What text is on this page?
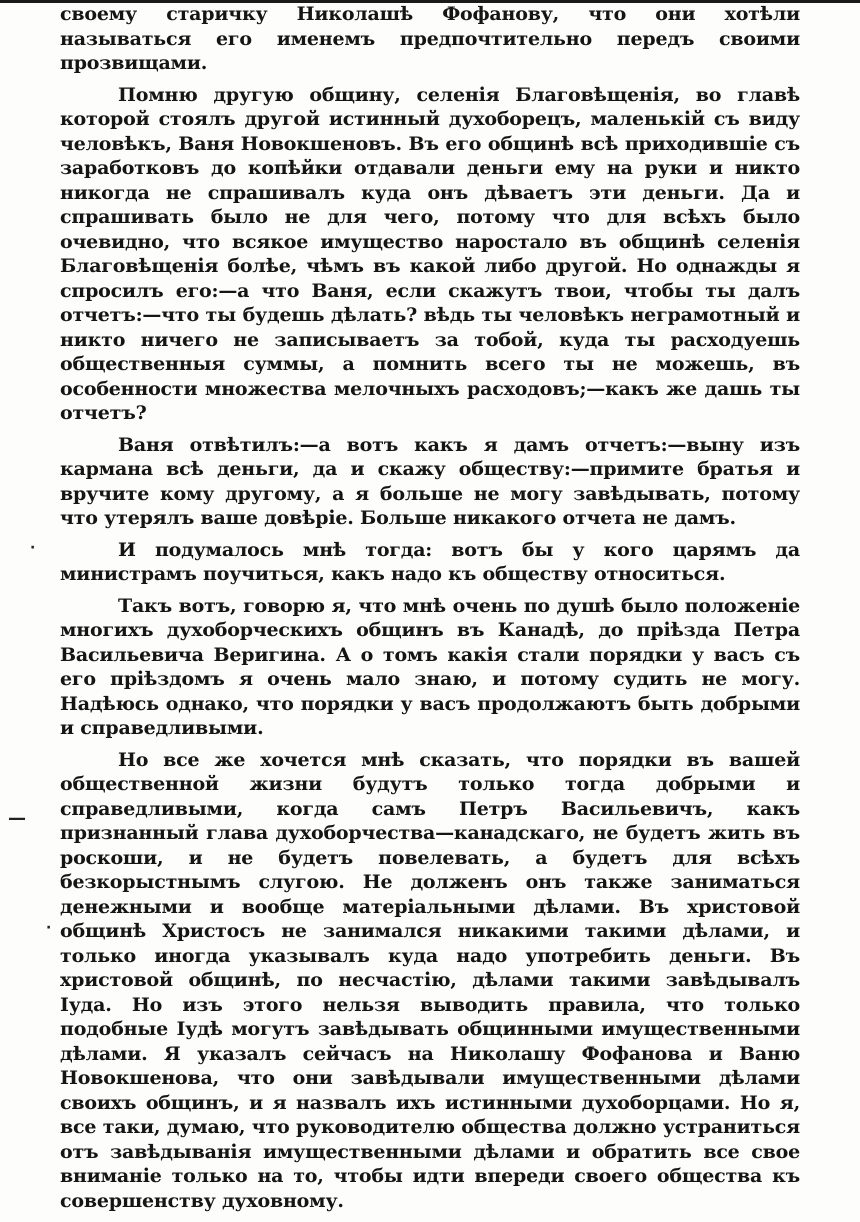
—
·
·

своему старичку Николашѣ Фофанову, что они хотѣли называться его именемъ предпочтительно передъ своими прозвищами.

Помню другую общину, селенія Благовѣщенія, во главѣ которой стоялъ другой истинный духоборецъ, маленькій съ виду человѣкъ, Ваня Новокшеновъ. Въ его общинѣ всѣ приходившіе съ заработковъ до копѣйки отдавали деньги ему на руки и никто никогда не спрашивалъ куда онъ дѣваетъ эти деньги. Да и спрашивать было не для чего, потому что для всѣхъ было очевидно, что всякое имущество наростало въ общинѣ селенія Благовѣщенія болѣе, чѣмъ въ какой либо другой. Но однажды я спросилъ его:—а что Ваня, если скажутъ твои, чтобы ты далъ отчетъ:—что ты будешь дѣлать? вѣдь ты человѣкъ неграмотный и никто ничего не записываетъ за тобой, куда ты расходуешь общественныя суммы, а помнить всего ты не можешь, въ особенности множества мелочныхъ расходовъ;—какъ же дашь ты отчетъ?

Ваня отвѣтилъ:—а вотъ какъ я дамъ отчетъ:—выну изъ кармана всѣ деньги, да и скажу обществу:—примите братья и вручите кому другому, а я больше не могу завѣдывать, потому что утерялъ ваше довѣріе. Больше никакого отчета не дамъ.

И подумалось мнѣ тогда: вотъ бы у кого царямъ да министрамъ поучиться, какъ надо къ обществу относиться.

Такъ вотъ, говорю я, что мнѣ очень по душѣ было положеніе многихъ духоборческихъ общинъ въ Канадѣ, до пріѣзда Петра Васильевича Веригина. А о томъ какія стали порядки у васъ съ его пріѣздомъ я очень мало знаю, и потому судить не могу. Надѣюсь однако, что порядки у васъ продолжаютъ быть добрыми и справедливыми.

Но все же хочется мнѣ сказать, что порядки въ вашей общественной жизни будутъ только тогда добрыми и справедливыми, когда самъ Петръ Васильевичъ, какъ признанный глава духоборчества—канадскаго, не будетъ жить въ роскоши, и не будетъ повелевать, а будетъ для всѣхъ безкорыстнымъ слугою. Не долженъ онъ также заниматься денежными и вообще матеріальными дѣлами. Въ христовой общинѣ Христосъ не занимался никакими такими дѣлами, и только иногда указывалъ куда надо употребить деньги. Въ христовой общинѣ, по несчастію, дѣлами такими завѣдывалъ Іуда. Но изъ этого нельзя выводить правила, что только подобные Іудѣ могутъ завѣдывать общинными имущественными дѣлами. Я указалъ сейчасъ на Николашу Фофанова и Ваню Новокшенова, что они завѣдывали имущественными дѣлами своихъ общинъ, и я назвалъ ихъ истинными духоборцами. Но я, все таки, думаю, что руководителю общества должно устраниться отъ завѣдыванія имущественными дѣлами и обратить все свое вниманіе только на то, чтобы идти впереди своего общества къ совершенству духовному.
